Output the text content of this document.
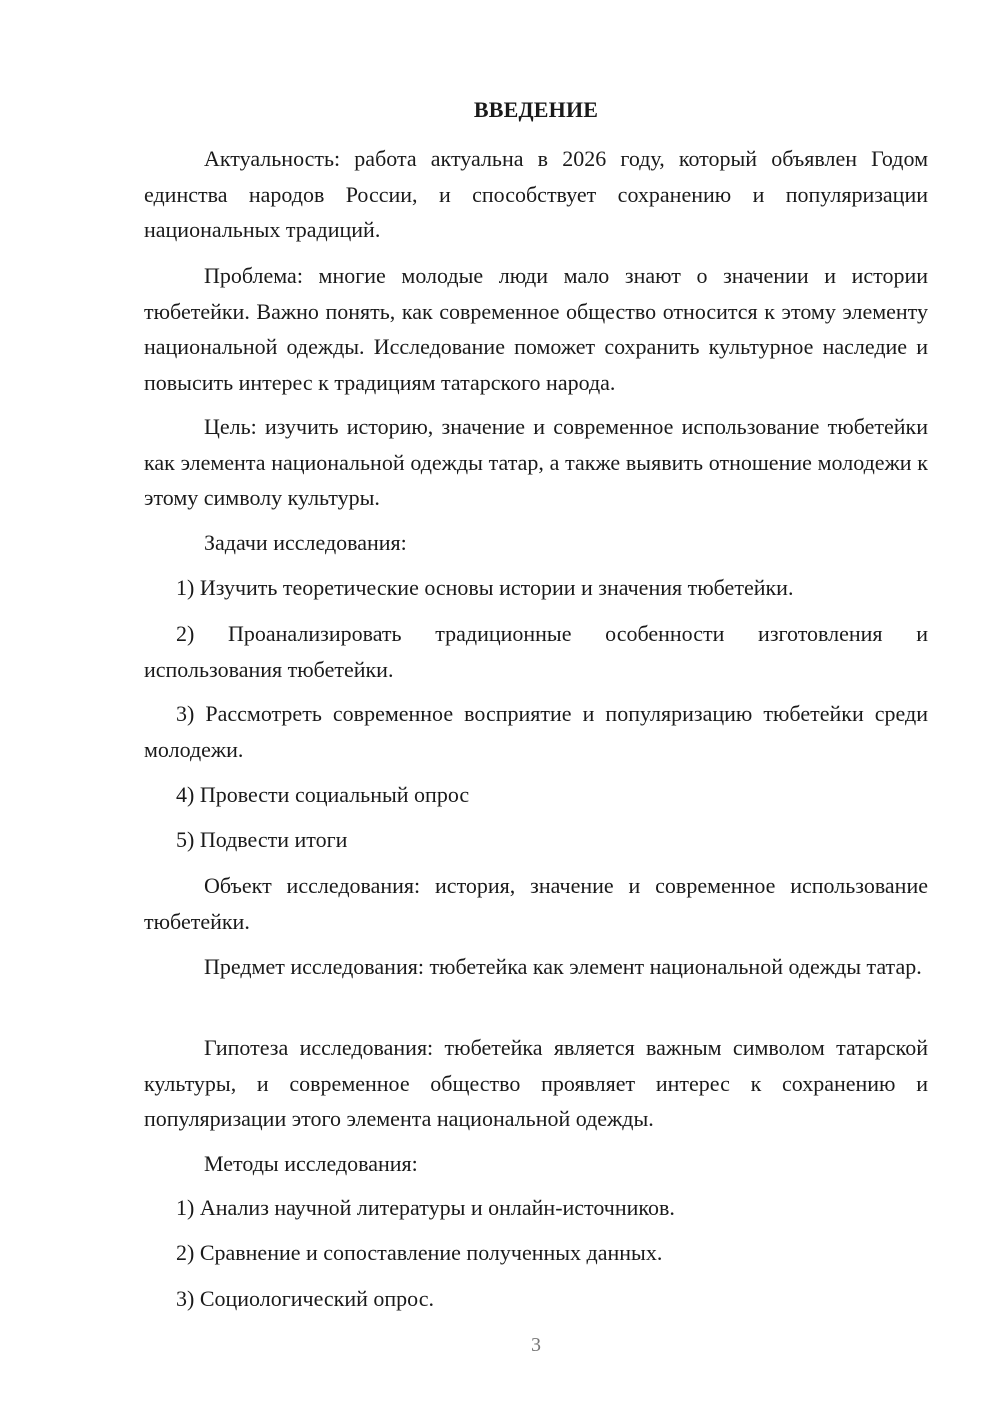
ВВЕДЕНИЕ
Актуальность: работа актуальна в 2026 году, который объявлен Годом единства народов России, и способствует сохранению и популяризации национальных традиций.
Проблема: многие молодые люди мало знают о значении и истории тюбетейки. Важно понять, как современное общество относится к этому элементу национальной одежды. Исследование поможет сохранить культурное наследие и повысить интерес к традициям татарского народа.
Цель: изучить историю, значение и современное использование тюбетейки как элемента национальной одежды татар, а также выявить отношение молодежи к этому символу культуры.
Задачи исследования:
1) Изучить теоретические основы истории и значения тюбетейки.
2) Проанализировать традиционные особенности изготовления и использования тюбетейки.
3) Рассмотреть современное восприятие и популяризацию тюбетейки среди молодежи.
4) Провести социальный опрос
5) Подвести итоги
Объект исследования: история, значение и современное использование тюбетейки.
Предмет исследования: тюбетейка как элемент национальной одежды татар.
Гипотеза исследования: тюбетейка является важным символом татарской культуры, и современное общество проявляет интерес к сохранению и популяризации этого элемента национальной одежды.
Методы исследования:
1) Анализ научной литературы и онлайн-источников.
2) Сравнение и сопоставление полученных данных.
3) Социологический опрос.
3
